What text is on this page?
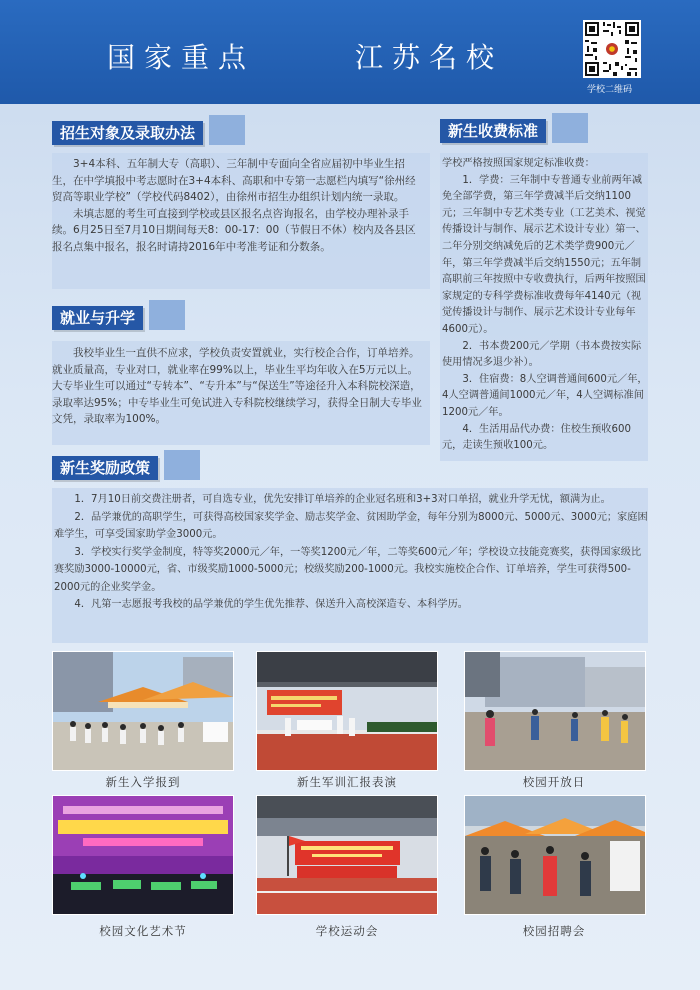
国家重点	江苏名校
学校二维码
招生对象及录取办法

3+4本科、五年制大专（高职）、三年制中专面向全省应届初中毕业生招生，在中学填报中考志愿时在3+4本科、高职和中专第一志愿栏内填写“徐州经贸高等职业学校”（学校代码8402），由徐州市招生办组织计划内统一录取。

未填志愿的考生可直接到学校或县区报名点咨询报名，由学校办理补录手续。6月25日至7月10日期间每天8：00-17：00（节假日不休）校内及各县区报名点集中报名，报名时请持2016年中考准考证和分数条。

就业与升学

我校毕业生一直供不应求，学校负责安置就业，实行校企合作，订单培养。就业质量高，专业对口，就业率在99%以上，毕业生平均年收入在5万元以上。大专毕业生可以通过“专转本”、“专升本”与“保送生”等途径升入本科院校深造，录取率达95%；中专毕业生可免试进入专科院校继续学习，获得全日制大专毕业文凭，录取率为100%。

新生收费标准

学校严格按照国家规定标准收费：

1．学费：三年制中专普通专业前两年减免全部学费，第三年学费减半后交纳1100元；三年制中专艺术类专业（工艺美术、视觉传播设计与制作、展示艺术设计专业）第一、二年分别交纳减免后的艺术类学费900元／年，第三年学费减半后交纳1550元；五年制高职前三年按照中专收费执行，后两年按照国家规定的专科学费标准收费每年4140元（视觉传播设计与制作、展示艺术设计专业每年4600元）。

2．书本费200元／学期（书本费按实际使用情况多退少补）。

3．住宿费：8人空调普通间600元／年，4人空调普通间1000元／年，4人空调标准间1200元／年。

4．生活用品代办费：住校生预收600元，走读生预收100元。

新生奖励政策

1．7月10日前交费注册者，可自选专业，优先安排订单培养的企业冠名班和3+3对口单招，就业升学无忧，额满为止。

2．品学兼优的高职学生，可获得高校国家奖学金、励志奖学金、贫困助学金，每年分别为8000元、5000元、3000元；家庭困难学生，可享受国家助学金3000元。

3．学校实行奖学金制度，特等奖2000元／年，一等奖1200元／年，二等奖600元／年；学校设立技能竞赛奖，获得国家级比赛奖励3000-10000元，省、市级奖励1000-5000元；校级奖励200-1000元。我校实施校企合作、订单培养，学生可获得500-2000元的企业奖学金。

4．凡第一志愿报考我校的品学兼优的学生优先推荐、保送升入高校深造专、本科学历。

新生入学报到	新生军训汇报表演	校园开放日
校园文化艺术节	学校运动会	校园招聘会
